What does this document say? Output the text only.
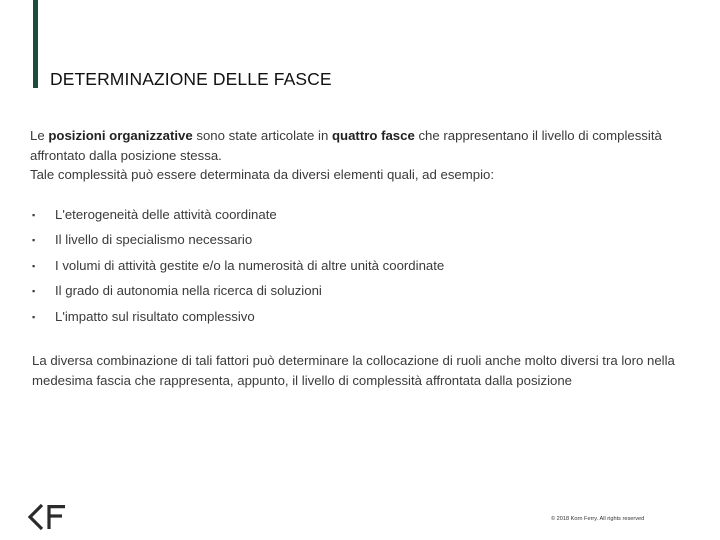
DETERMINAZIONE DELLE FASCE
Le posizioni organizzative sono state articolate in quattro fasce che rappresentano il livello di complessità affrontato dalla posizione stessa.
Tale complessità può essere determinata da diversi elementi quali, ad esempio:
▪ L'eterogeneità delle attività coordinate
▪ Il livello di specialismo necessario
▪ I volumi di attività gestite e/o la numerosità di altre unità coordinate
▪ Il grado di autonomia nella ricerca di soluzioni
▪ L'impatto sul risultato complessivo
La diversa combinazione di tali fattori può determinare la collocazione di ruoli anche molto diversi tra loro nella medesima fascia che rappresenta, appunto, il livello di complessità affrontata dalla posizione
© 2018 Korn Ferry. All rights reserved
